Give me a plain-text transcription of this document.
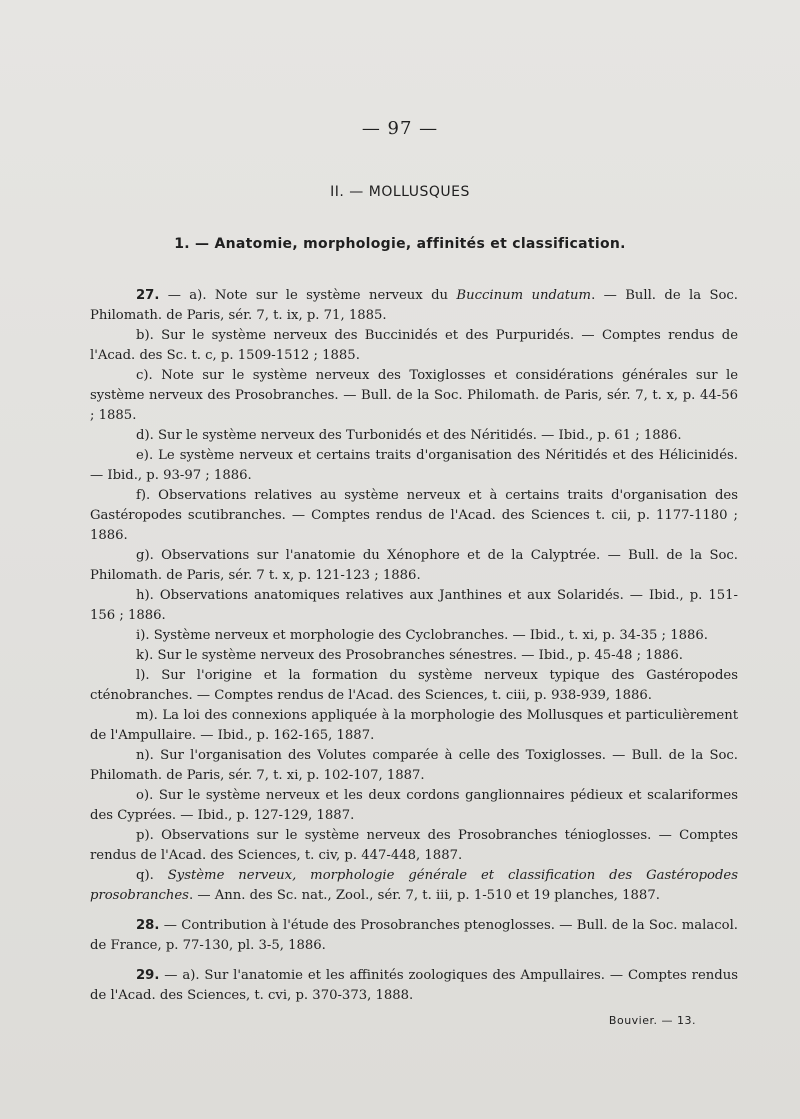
— 97 —
II. — MOLLUSQUES
1. — Anatomie, morphologie, affinités et classification.

27. — a). Note sur le système nerveux du Buccinum undatum. — Bull. de la Soc. Philomath. de Paris, sér. 7, t. ix, p. 71, 1885.

b). Sur le système nerveux des Buccinidés et des Purpuridés. — Comptes rendus de l'Acad. des Sc. t. c, p. 1509-1512 ; 1885.

c). Note sur le système nerveux des Toxiglosses et considérations générales sur le système nerveux des Prosobranches. — Bull. de la Soc. Philomath. de Paris, sér. 7, t. x, p. 44-56 ; 1885.

d). Sur le système nerveux des Turbonidés et des Néritidés. — Ibid., p. 61 ; 1886.

e). Le système nerveux et certains traits d'organisation des Néritidés et des Hélicinidés. — Ibid., p. 93-97 ; 1886.

f). Observations relatives au système nerveux et à certains traits d'organisation des Gastéropodes scutibranches. — Comptes rendus de l'Acad. des Sciences t. cii, p. 1177-1180 ; 1886.

g). Observations sur l'anatomie du Xénophore et de la Calyptrée. — Bull. de la Soc. Philomath. de Paris, sér. 7 t. x, p. 121-123 ; 1886.

h). Observations anatomiques relatives aux Janthines et aux Solaridés. — Ibid., p. 151-156 ; 1886.

i). Système nerveux et morphologie des Cyclobranches. — Ibid., t. xi, p. 34-35 ; 1886.

k). Sur le système nerveux des Prosobranches sénestres. — Ibid., p. 45-48 ; 1886.

l). Sur l'origine et la formation du système nerveux typique des Gastéropodes cténobranches. — Comptes rendus de l'Acad. des Sciences, t. ciii, p. 938-939, 1886.

m). La loi des connexions appliquée à la morphologie des Mollusques et particulièrement de l'Ampullaire. — Ibid., p. 162-165, 1887.

n). Sur l'organisation des Volutes comparée à celle des Toxiglosses. — Bull. de la Soc. Philomath. de Paris, sér. 7, t. xi, p. 102-107, 1887.

o). Sur le système nerveux et les deux cordons ganglionnaires pédieux et scalariformes des Cyprées. — Ibid., p. 127-129, 1887.

p). Observations sur le système nerveux des Prosobranches ténioglosses. — Comptes rendus de l'Acad. des Sciences, t. civ, p. 447-448, 1887.

q). Système nerveux, morphologie générale et classification des Gastéropodes prosobranches. — Ann. des Sc. nat., Zool., sér. 7, t. iii, p. 1-510 et 19 planches, 1887.

28. — Contribution à l'étude des Prosobranches ptenoglosses. — Bull. de la Soc. malacol. de France, p. 77-130, pl. 3-5, 1886.

29. — a). Sur l'anatomie et les affinités zoologiques des Ampullaires. — Comptes rendus de l'Acad. des Sciences, t. cvi, p. 370-373, 1888.

Bouvier. — 13.
